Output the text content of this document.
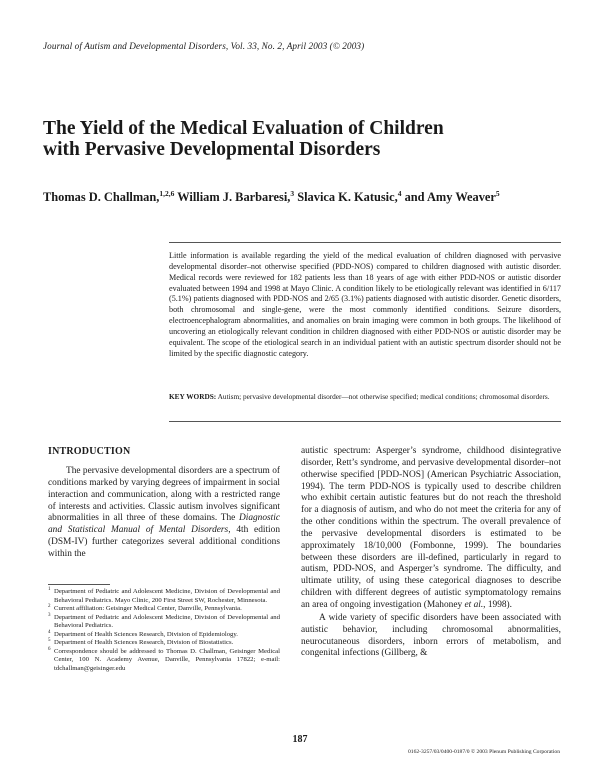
Journal of Autism and Developmental Disorders, Vol. 33, No. 2, April 2003 (© 2003)
The Yield of the Medical Evaluation of Children
with Pervasive Developmental Disorders

Thomas D. Challman,$^{1,2,6}$ William J. Barbaresi,$^3$ Slavica K. Katusic,$^4$ and Amy Weaver$^5$

Little information is available regarding the yield of the medical evaluation of children diagnosed with pervasive developmental disorder–not otherwise specified (PDD-NOS) compared to children diagnosed with autistic disorder. Medical records were reviewed for 182 patients less than 18 years of age with either PDD-NOS or autistic disorder evaluated between 1994 and 1998 at Mayo Clinic. A condition likely to be etiologically relevant was identified in 6/117 (5.1%) patients diagnosed with PDD-NOS and 2/65 (3.1%) patients diagnosed with autistic disorder. Genetic disorders, both chromosomal and single-gene, were the most commonly identified conditions. Seizure disorders, electroencephalogram abnormalities, and anomalies on brain imaging were common in both groups. The likelihood of uncovering an etiologically relevant condition in children diagnosed with either PDD-NOS or autistic disorder may be equivalent. The scope of the etiological search in an individual patient with an autistic spectrum disorder should not be limited by the specific diagnostic category.

KEY WORDS: Autism; pervasive developmental disorder—not otherwise specified; medical conditions; chromosomal disorders.

INTRODUCTION

The pervasive developmental disorders are a spectrum of conditions marked by varying degrees of impairment in social interaction and communication, along with a restricted range of interests and activities. Classic autism involves significant abnormalities in all three of these domains. The Diagnostic and Statistical Manual of Mental Disorders, 4th edition (DSM-IV) further categorizes several additional conditions within the

autistic spectrum: Asperger’s syndrome, childhood disintegrative disorder, Rett’s syndrome, and pervasive developmental disorder–not otherwise specified [PDD-NOS] (American Psychiatric Association, 1994). The term PDD-NOS is typically used to describe children who exhibit certain autistic features but do not reach the threshold for a diagnosis of autism, and who do not meet the criteria for any of the other conditions within the spectrum. The overall prevalence of the pervasive developmental disorders is estimated to be approximately 18/10,000 (Fombonne, 1999). The boundaries between these disorders are ill-defined, particularly in regard to autism, PDD-NOS, and Asperger’s syndrome. The difficulty, and ultimate utility, of using these categorical diagnoses to describe children with different degrees of autistic symptomatology remains an area of ongoing investigation (Mahoney et al., 1998).

A wide variety of specific disorders have been associated with autistic behavior, including chromosomal abnormalities, neurocutaneous disorders, inborn errors of metabolism, and congenital infections (Gillberg, &

1 Department of Pediatric and Adolescent Medicine, Division of Developmental and Behavioral Pediatrics. Mayo Clinic, 200 First Street SW, Rochester, Minnesota.
2 Current affiliation: Geisinger Medical Center, Danville, Pennsylvania.
3 Department of Pediatric and Adolescent Medicine, Division of Developmental and Behavioral Pediatrics.
4 Department of Health Sciences Research, Division of Epidemiology.
5 Department of Health Sciences Research, Division of Biostatistics.
6 Correspondence should be addressed to Thomas D. Challman, Geisinger Medical Center, 100 N. Academy Avenue, Danville, Pennsylvania 17822; e-mail: tdchallman@geisinger.edu

187

0162-3257/03/0400-0187/0 © 2003 Plenum Publishing Corporation
